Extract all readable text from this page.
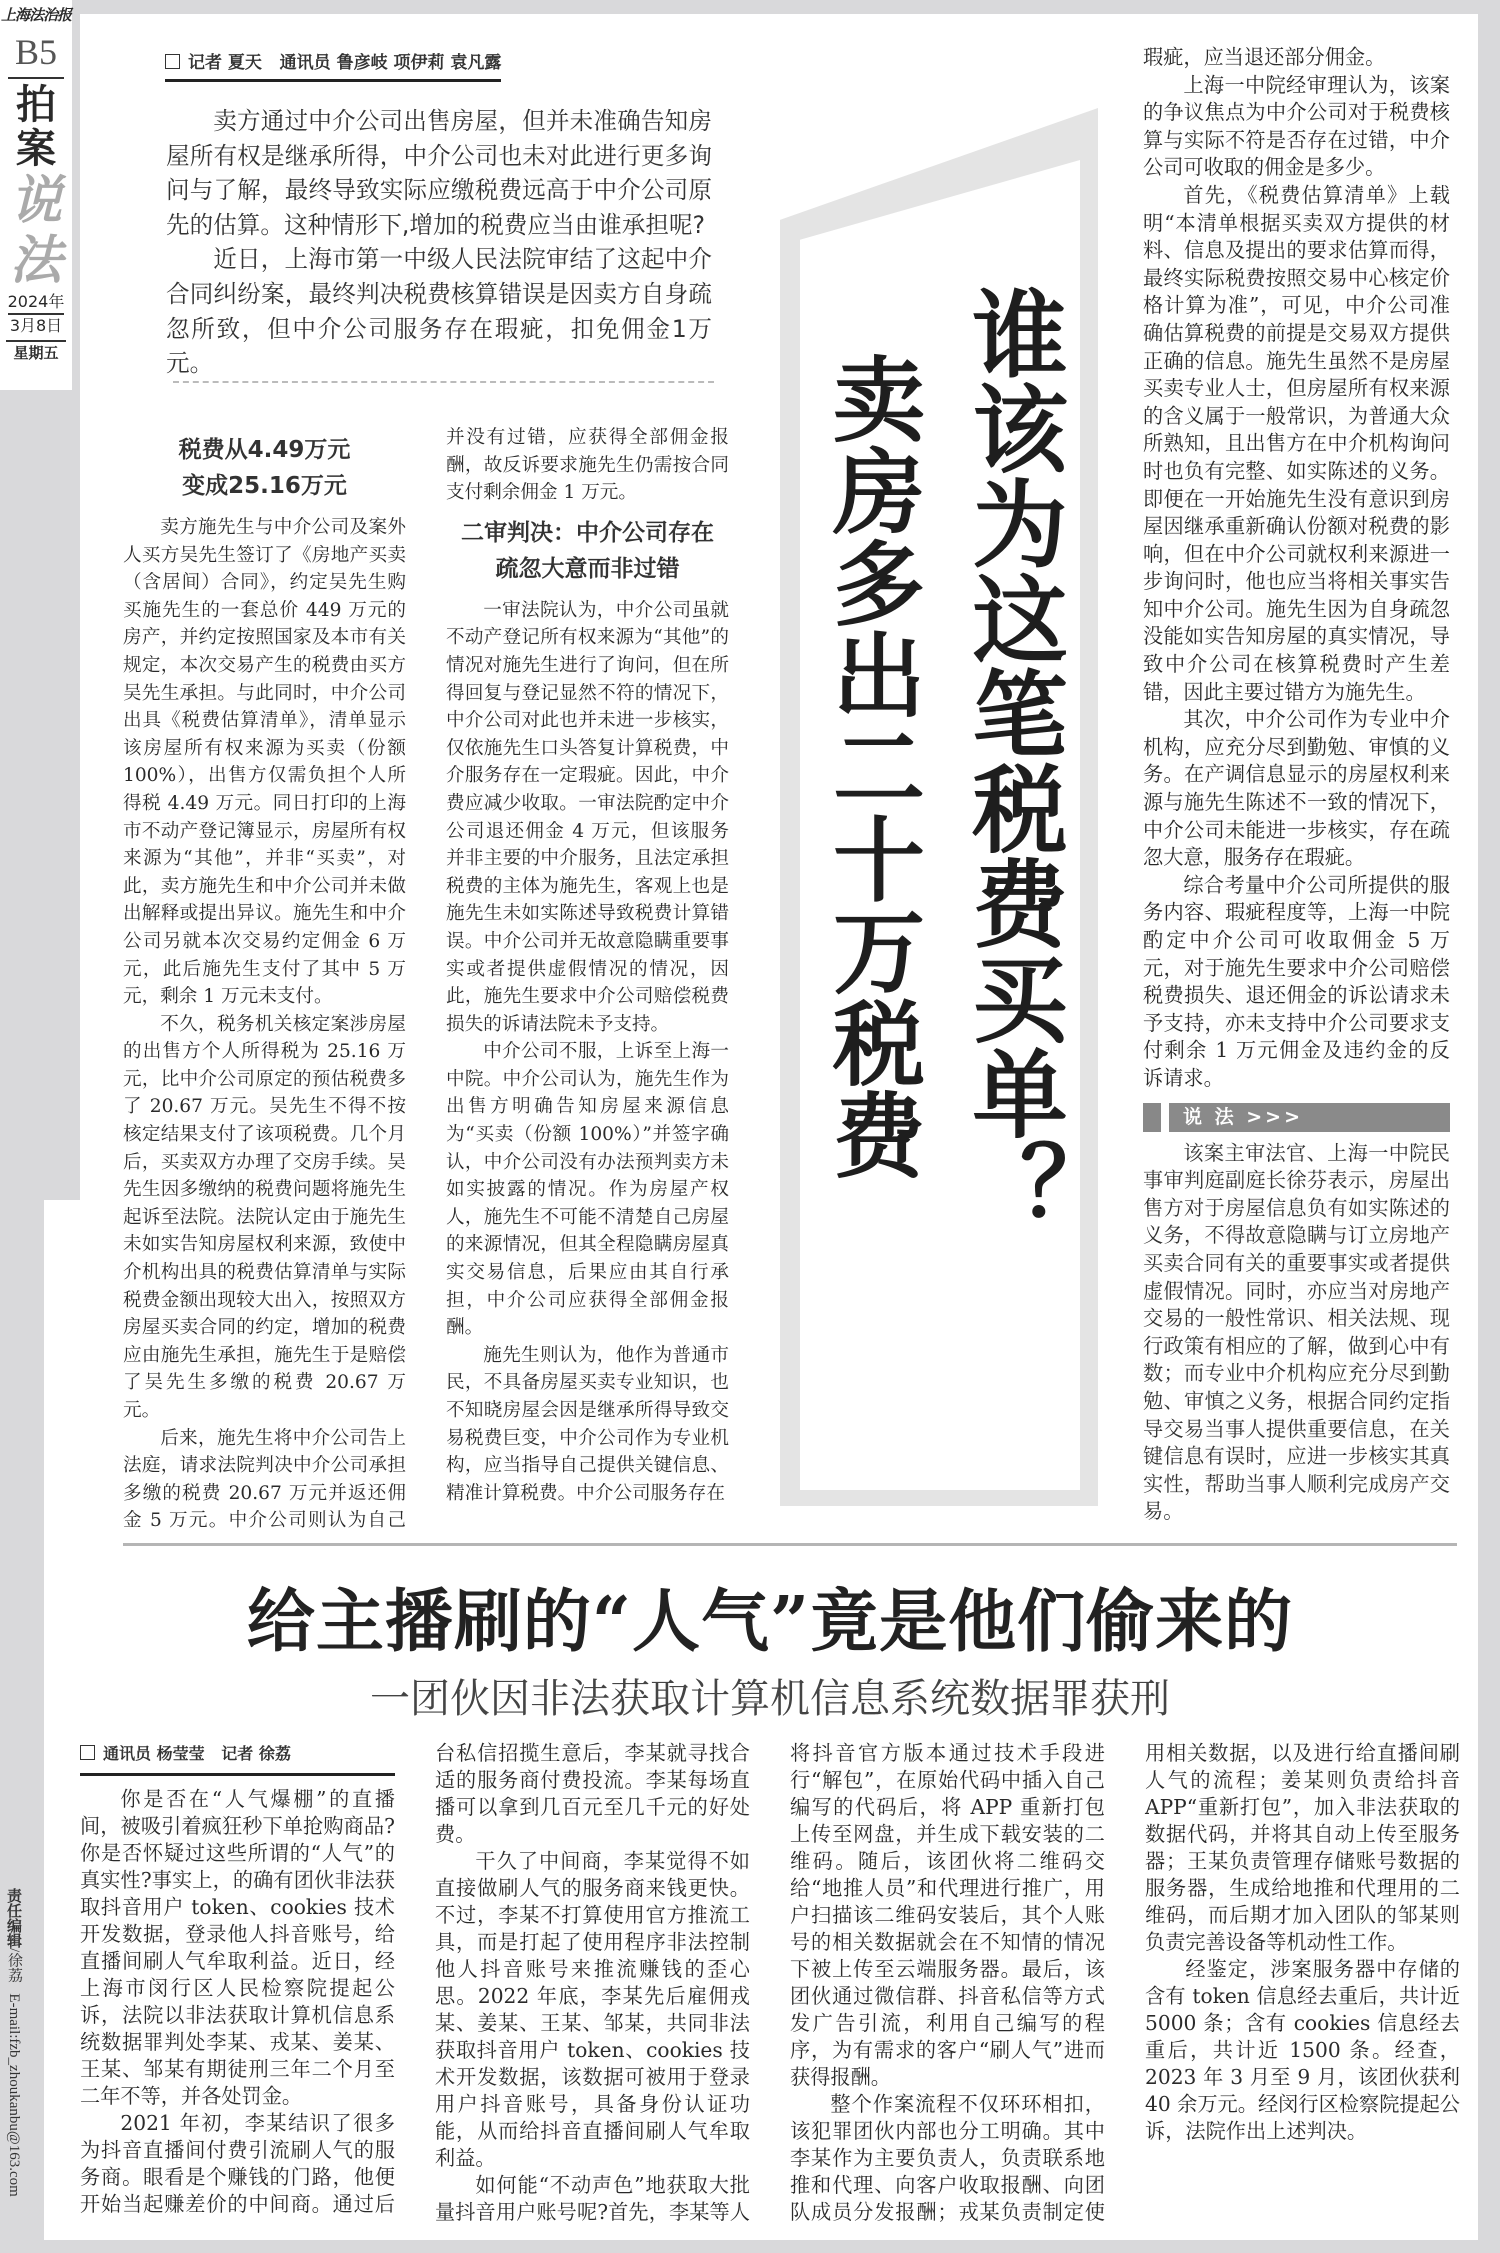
上海法治报
B5
拍
案
说
法
2024年
3月8日
星期五
记者 夏天   通讯员 鲁彦岐 项伊莉 袁凡露

卖方通过中介公司出售房屋，但并未准确告知房屋所有权是继承所得，中介公司也未对此进行更多询问与了解，最终导致实际应缴税费远高于中介公司原先的估算。这种情形下,增加的税费应当由谁承担呢?

近日，上海市第一中级人民法院审结了这起中介合同纠纷案，最终判决税费核算错误是因卖方自身疏忽所致，但中介公司服务存在瑕疵，扣免佣金1万元。	谁该为这笔税费买单？
卖房多出二十万税费
税费从4.49万元
变成25.16万元

卖方施先生与中介公司及案外人买方吴先生签订了《房地产买卖（含居间）合同》，约定吴先生购买施先生的一套总价 449 万元的房产，并约定按照国家及本市有关规定，本次交易产生的税费由买方吴先生承担。与此同时，中介公司出具《税费估算清单》，清单显示该房屋所有权来源为买卖（份额 100%），出售方仅需负担个人所得税 4.49 万元。同日打印的上海市不动产登记簿显示，房屋所有权来源为“其他”，并非“买卖”，对此，卖方施先生和中介公司并未做出解释或提出异议。施先生和中介公司另就本次交易约定佣金 6 万元，此后施先生支付了其中 5 万元，剩余 1 万元未支付。

不久，税务机关核定案涉房屋的出售方个人所得税为 25.16 万元，比中介公司原定的预估税费多了 20.67 万元。吴先生不得不按核定结果支付了该项税费。几个月后，买卖双方办理了交房手续。吴先生因多缴纳的税费问题将施先生起诉至法院。法院认定由于施先生未如实告知房屋权利来源，致使中介机构出具的税费估算清单与实际税费金额出现较大出入，按照双方房屋买卖合同的约定，增加的税费应由施先生承担，施先生于是赔偿了吴先生多缴的税费 20.67 万元。

后来，施先生将中介公司告上法庭，请求法院判决中介公司承担多缴的税费 20.67 万元并返还佣金 5 万元。中介公司则认为自己并没有过错，应获得全部佣金报酬，故反诉要求施先生仍需按合同支付剩余佣金 1 万元。

二审判决：中介公司存在
疏忽大意而非过错

一审法院认为，中介公司虽就不动产登记所有权来源为“其他”的情况对施先生进行了询问，但在所得回复与登记显然不符的情况下，中介公司对此也并未进一步核实，仅依施先生口头答复计算税费，中介服务存在一定瑕疵。因此，中介费应减少收取。一审法院酌定中介公司退还佣金 4 万元，但该服务并非主要的中介服务，且法定承担税费的主体为施先生，客观上也是施先生未如实陈述导致税费计算错误。中介公司并无故意隐瞒重要事实或者提供虚假情况的情况，因此，施先生要求中介公司赔偿税费损失的诉请法院未予支持。

中介公司不服，上诉至上海一中院。中介公司认为，施先生作为出售方明确告知房屋来源信息为“买卖（份额 100%）”并签字确认，中介公司没有办法预判卖方未如实披露的情况。作为房屋产权人，施先生不可能不清楚自己房屋的来源情况，但其全程隐瞒房屋真实交易信息，后果应由其自行承担，中介公司应获得全部佣金报酬。

施先生则认为，他作为普通市民，不具备房屋买卖专业知识，也不知晓房屋会因是继承所得导致交易税费巨变，中介公司作为专业机构，应当指导自己提供关键信息、精准计算税费。中介公司服务存在

瑕疵，应当退还部分佣金。

上海一中院经审理认为，该案的争议焦点为中介公司对于税费核算与实际不符是否存在过错，中介公司可收取的佣金是多少。

首先，《税费估算清单》上载明“本清单根据买卖双方提供的材料、信息及提出的要求估算而得，最终实际税费按照交易中心核定价格计算为准”，可见，中介公司准确估算税费的前提是交易双方提供正确的信息。施先生虽然不是房屋买卖专业人士，但房屋所有权来源的含义属于一般常识，为普通大众所熟知，且出售方在中介机构询问时也负有完整、如实陈述的义务。即便在一开始施先生没有意识到房屋因继承重新确认份额对税费的影响，但在中介公司就权利来源进一步询问时，他也应当将相关事实告知中介公司。施先生因为自身疏忽没能如实告知房屋的真实情况，导致中介公司在核算税费时产生差错，因此主要过错方为施先生。

其次，中介公司作为专业中介机构，应充分尽到勤勉、审慎的义务。在产调信息显示的房屋权利来源与施先生陈述不一致的情况下，中介公司未能进一步核实，存在疏忽大意，服务存在瑕疵。

综合考量中介公司所提供的服务内容、瑕疵程度等，上海一中院酌定中介公司可收取佣金 5 万元，对于施先生要求中介公司赔偿税费损失、退还佣金的诉讼请求未予支持，亦未支持中介公司要求支付剩余 1 万元佣金及违约金的反诉请求。

说 法 >>>

该案主审法官、上海一中院民事审判庭副庭长徐芬表示，房屋出售方对于房屋信息负有如实陈述的义务，不得故意隐瞒与订立房地产买卖合同有关的重要事实或者提供虚假情况。同时，亦应当对房地产交易的一般性常识、相关法规、现行政策有相应的了解，做到心中有数；而专业中介机构应充分尽到勤勉、审慎之义务，根据合同约定指导交易当事人提供重要信息，在关键信息有误时，应进一步核实其真实性，帮助当事人顺利完成房产交易。

给主播刷的“人气”竟是他们偷来的
一团伙因非法获取计算机信息系统数据罪获刑
通讯员 杨莹莹   记者 徐荔

你是否在“人气爆棚”的直播间，被吸引着疯狂秒下单抢购商品?你是否怀疑过这些所谓的“人气”的真实性?事实上，的确有团伙非法获取抖音用户 token、cookies 技术开发数据，登录他人抖音账号，给直播间刷人气牟取利益。近日，经上海市闵行区人民检察院提起公诉，法院以非法获取计算机信息系统数据罪判处李某、戎某、姜某、王某、邹某有期徒刑三年二个月至二年不等，并各处罚金。

2021 年初，李某结识了很多为抖音直播间付费引流刷人气的服务商。眼看是个赚钱的门路，他便开始当起赚差价的中间商。通过后台私信招揽生意后，李某就寻找合适的服务商付费投流。李某每场直播可以拿到几百元至几千元的好处费。

干久了中间商，李某觉得不如直接做刷人气的服务商来钱更快。不过，李某不打算使用官方推流工具，而是打起了使用程序非法控制他人抖音账号来推流赚钱的歪心思。2022 年底，李某先后雇佣戎某、姜某、王某、邹某，共同非法获取抖音用户 token、cookies 技术开发数据，该数据可被用于登录用户抖音账号，具备身份认证功能，从而给抖音直播间刷人气牟取利益。

如何能“不动声色”地获取大批量抖音用户账号呢?首先，李某等人将抖音官方版本通过技术手段进行“解包”，在原始代码中插入自己编写的代码后，将 APP 重新打包上传至网盘，并生成下载安装的二维码。随后，该团伙将二维码交给“地推人员”和代理进行推广，用户扫描该二维码安装后，其个人账号的相关数据就会在不知情的情况下被上传至云端服务器。最后，该团伙通过微信群、抖音私信等方式发广告引流，利用自己编写的程序，为有需求的客户“刷人气”进而获得报酬。

整个作案流程不仅环环相扣，该犯罪团伙内部也分工明确。其中李某作为主要负责人，负责联系地推和代理、向客户收取报酬、向团队成员分发报酬；戎某负责制定使用相关数据，以及进行给直播间刷人气的流程；姜某则负责给抖音 APP“重新打包”，加入非法获取的数据代码，并将其自动上传至服务器；王某负责管理存储账号数据的服务器，生成给地推和代理用的二维码，而后期才加入团队的邹某则负责完善设备等机动性工作。

经鉴定，涉案服务器中存储的含有 token 信息经去重后，共计近 5000 条；含有 cookies 信息经去重后，共计近 1500 条。经查，2023 年 3 月至 9 月，该团伙获利 40 余万元。经闵行区检察院提起公诉，法院作出上述判决。

责任编辑/徐荔   E-mail:fzb_zhoukanbu@163.com
